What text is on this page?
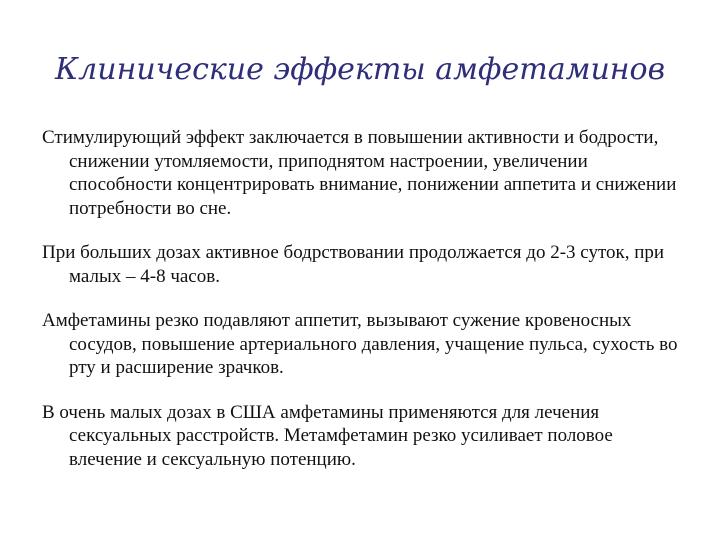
Клинические эффекты амфетаминов

Стимулирующий эффект заключается в повышении активности и бодрости, снижении утомляемости, приподнятом настроении, увеличении способности концентрировать внимание, понижении аппетита и снижении потребности во сне.

При больших дозах активное бодрствовании продолжается до 2-3 суток, при малых – 4-8 часов.

Амфетамины резко подавляют аппетит, вызывают сужение кровеносных сосудов, повышение артериального давления, учащение пульса, сухость во рту и расширение зрачков.

В очень малых дозах в США амфетамины применяются для лечения сексуальных расстройств. Метамфетамин резко усиливает половое влечение и сексуальную потенцию.
